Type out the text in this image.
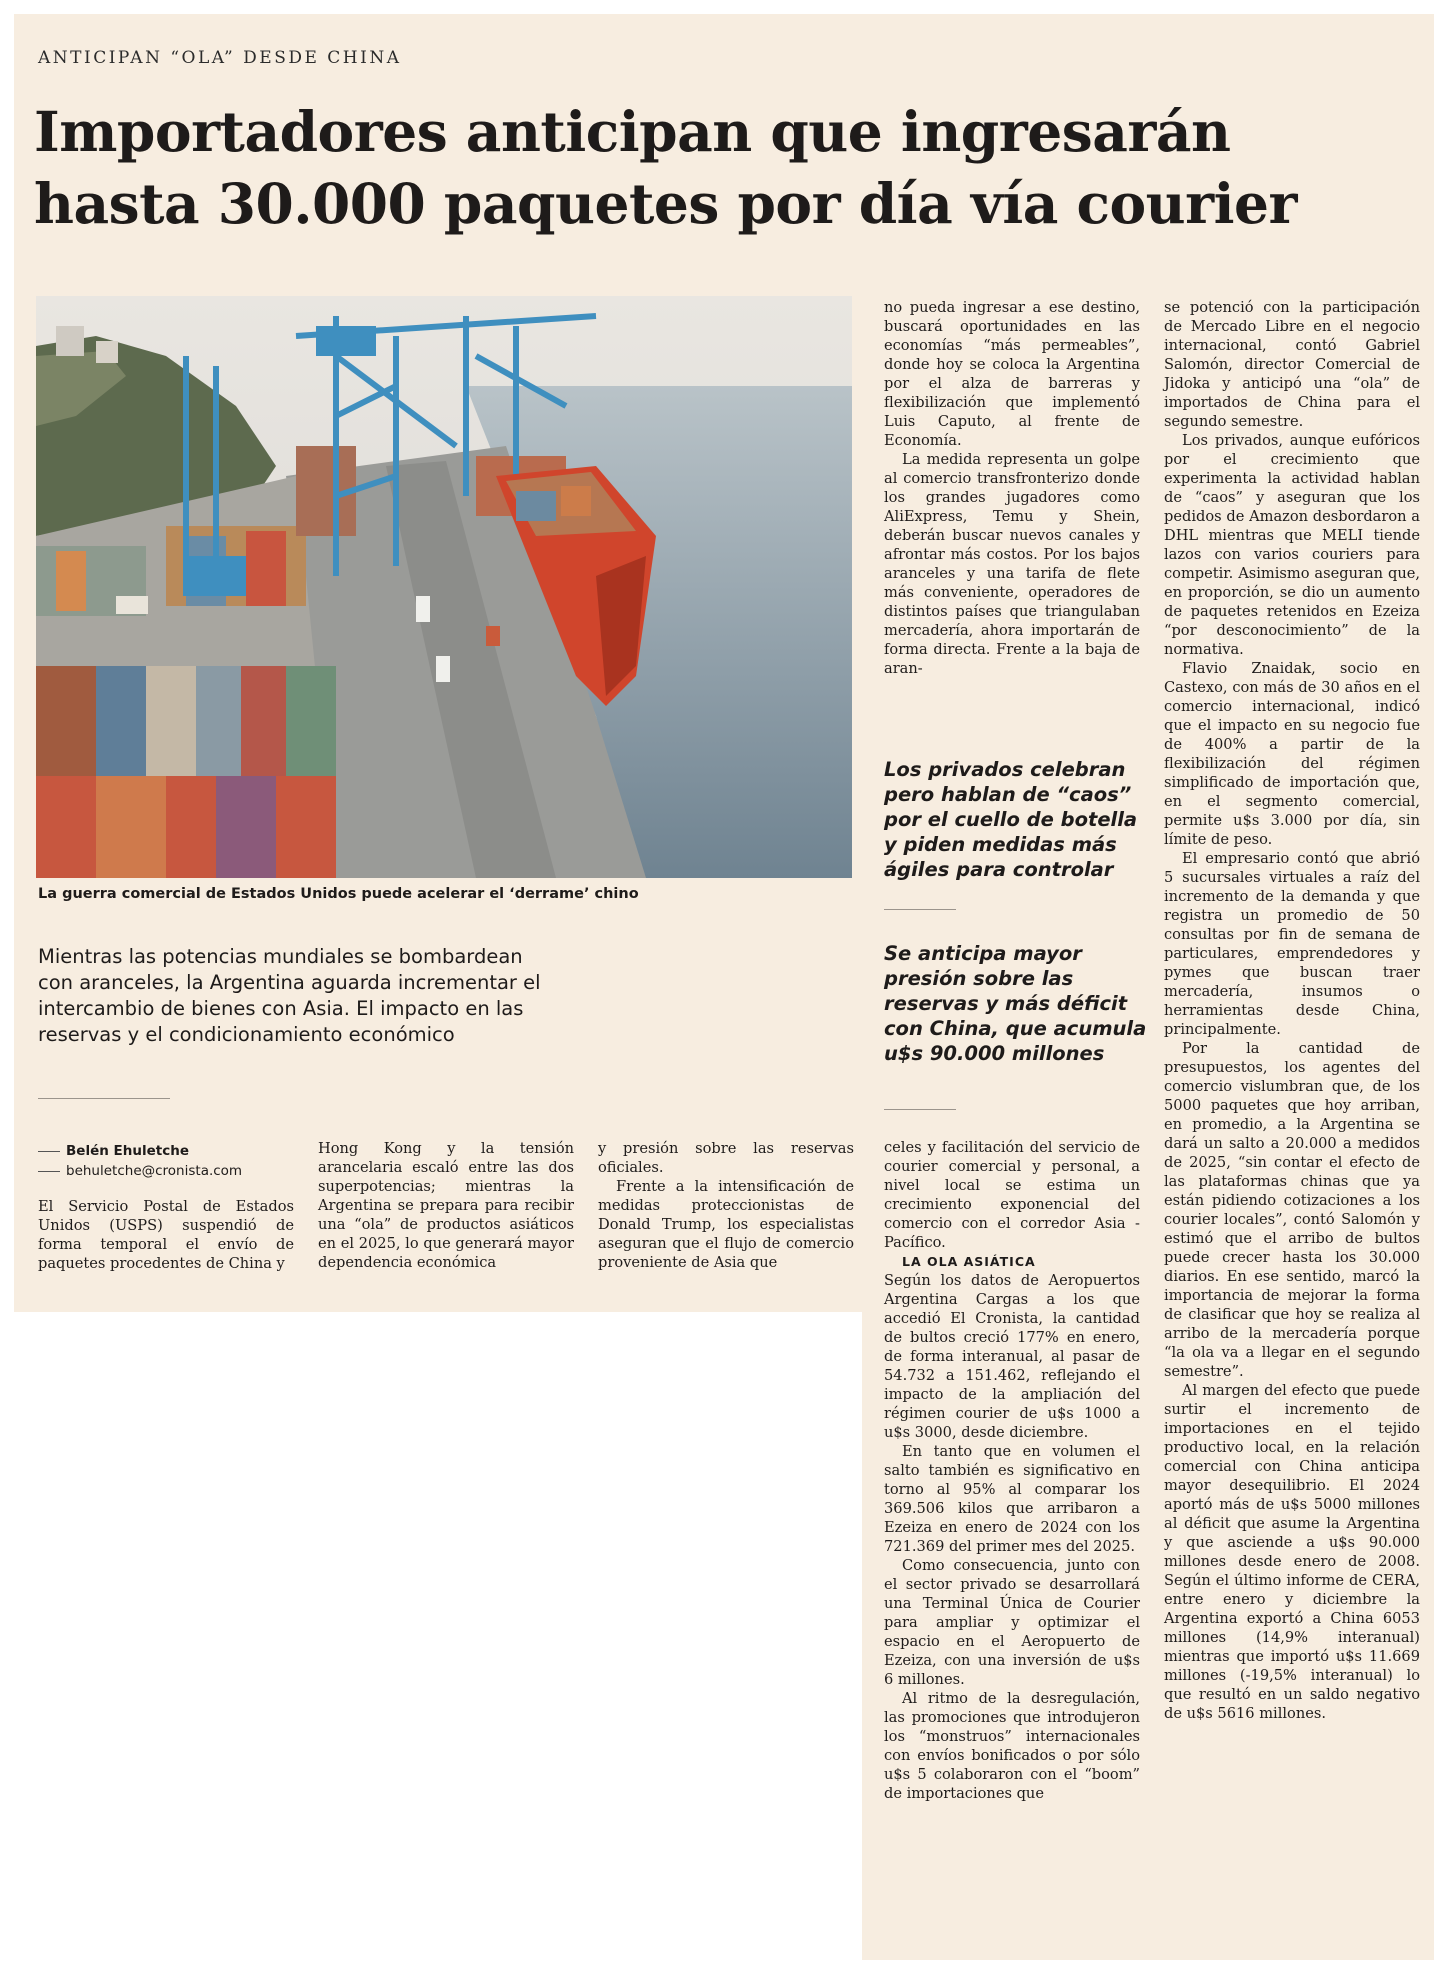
ANTICIPAN “OLA” DESDE CHINA
Importadores anticipan que ingresarán
hasta 30.000 paquetes por día vía courier
La guerra comercial de Estados Unidos puede acelerar el ‘derrame’ chino
Mientras las potencias mundiales se bombardean con aranceles, la Argentina aguarda incrementar el intercambio de bienes con Asia. El impacto en las reservas y el condicionamiento económico
Belén Ehuletche
behuletche@cronista.com

El Servicio Postal de Estados Unidos (USPS) suspendió de forma temporal el envío de paquetes procedentes de China y

Hong Kong y la tensión arancelaria escaló entre las dos superpotencias; mientras la Argentina se prepara para recibir una “ola” de productos asiáticos en el 2025, lo que generará mayor dependencia económica

y presión sobre las reservas oficiales.

Frente a la intensificación de medidas proteccionistas de Donald Trump, los especialistas aseguran que el flujo de comercio proveniente de Asia que

no pueda ingresar a ese destino, buscará oportunidades en las economías “más permeables”, donde hoy se coloca la Argentina por el alza de barreras y flexibilización que implementó Luis Caputo, al frente de Economía.

La medida representa un golpe al comercio transfronterizo donde los grandes jugadores como AliExpress, Temu y Shein, deberán buscar nuevos canales y afrontar más costos. Por los bajos aranceles y una tarifa de flete más conveniente, operadores de distintos países que triangulaban mercadería, ahora importarán de forma directa. Frente a la baja de aran-

Los privados celebran pero hablan de “caos” por el cuello de botella y piden medidas más ágiles para controlar
Se anticipa mayor presión sobre las reservas y más déficit con China, que acumula u$s 90.000 millones

celes y facilitación del servicio de courier comercial y personal, a nivel local se estima un crecimiento exponencial del comercio con el corredor Asia - Pacífico.

LA OLA ASIÁTICA

Según los datos de Aeropuertos Argentina Cargas a los que accedió El Cronista, la cantidad de bultos creció 177% en enero, de forma interanual, al pasar de 54.732 a 151.462, reflejando el impacto de la ampliación del régimen courier de u$s 1000 a u$s 3000, desde diciembre.

En tanto que en volumen el salto también es significativo en torno al 95% al comparar los 369.506 kilos que arribaron a Ezeiza en enero de 2024 con los 721.369 del primer mes del 2025.

Como consecuencia, junto con el sector privado se desarrollará una Terminal Única de Courier para ampliar y optimizar el espacio en el Aeropuerto de Ezeiza, con una inversión de u$s 6 millones.

Al ritmo de la desregulación, las promociones que introdujeron los “monstruos” internacionales con envíos bonificados o por sólo u$s 5 colaboraron con el “boom” de importaciones que

se potenció con la participación de Mercado Libre en el negocio internacional, contó Gabriel Salomón, director Comercial de Jidoka y anticipó una “ola” de importados de China para el segundo semestre.

Los privados, aunque eufóricos por el crecimiento que experimenta la actividad hablan de “caos” y aseguran que los pedidos de Amazon desbordaron a DHL mientras que MELI tiende lazos con varios couriers para competir. Asimismo aseguran que, en proporción, se dio un aumento de paquetes retenidos en Ezeiza “por desconocimiento” de la normativa.

Flavio Znaidak, socio en Castexo, con más de 30 años en el comercio internacional, indicó que el impacto en su negocio fue de 400% a partir de la flexibilización del régimen simplificado de importación que, en el segmento comercial, permite u$s 3.000 por día, sin límite de peso.

El empresario contó que abrió 5 sucursales virtuales a raíz del incremento de la demanda y que registra un promedio de 50 consultas por fin de semana de particulares, emprendedores y pymes que buscan traer mercadería, insumos o herramientas desde China, principalmente.

Por la cantidad de presupuestos, los agentes del comercio vislumbran que, de los 5000 paquetes que hoy arriban, en promedio, a la Argentina se dará un salto a 20.000 a medidos de 2025, “sin contar el efecto de las plataformas chinas que ya están pidiendo cotizaciones a los courier locales”, contó Salomón y estimó que el arribo de bultos puede crecer hasta los 30.000 diarios. En ese sentido, marcó la importancia de mejorar la forma de clasificar que hoy se realiza al arribo de la mercadería porque “la ola va a llegar en el segundo semestre”.

Al margen del efecto que puede surtir el incremento de importaciones en el tejido productivo local, en la relación comercial con China anticipa mayor desequilibrio. El 2024 aportó más de u$s 5000 millones al déficit que asume la Argentina y que asciende a u$s 90.000 millones desde enero de 2008. Según el último informe de CERA, entre enero y diciembre la Argentina exportó a China 6053 millones (14,9% interanual) mientras que importó u$s 11.669 millones (-19,5% interanual) lo que resultó en un saldo negativo de u$s 5616 millones.
